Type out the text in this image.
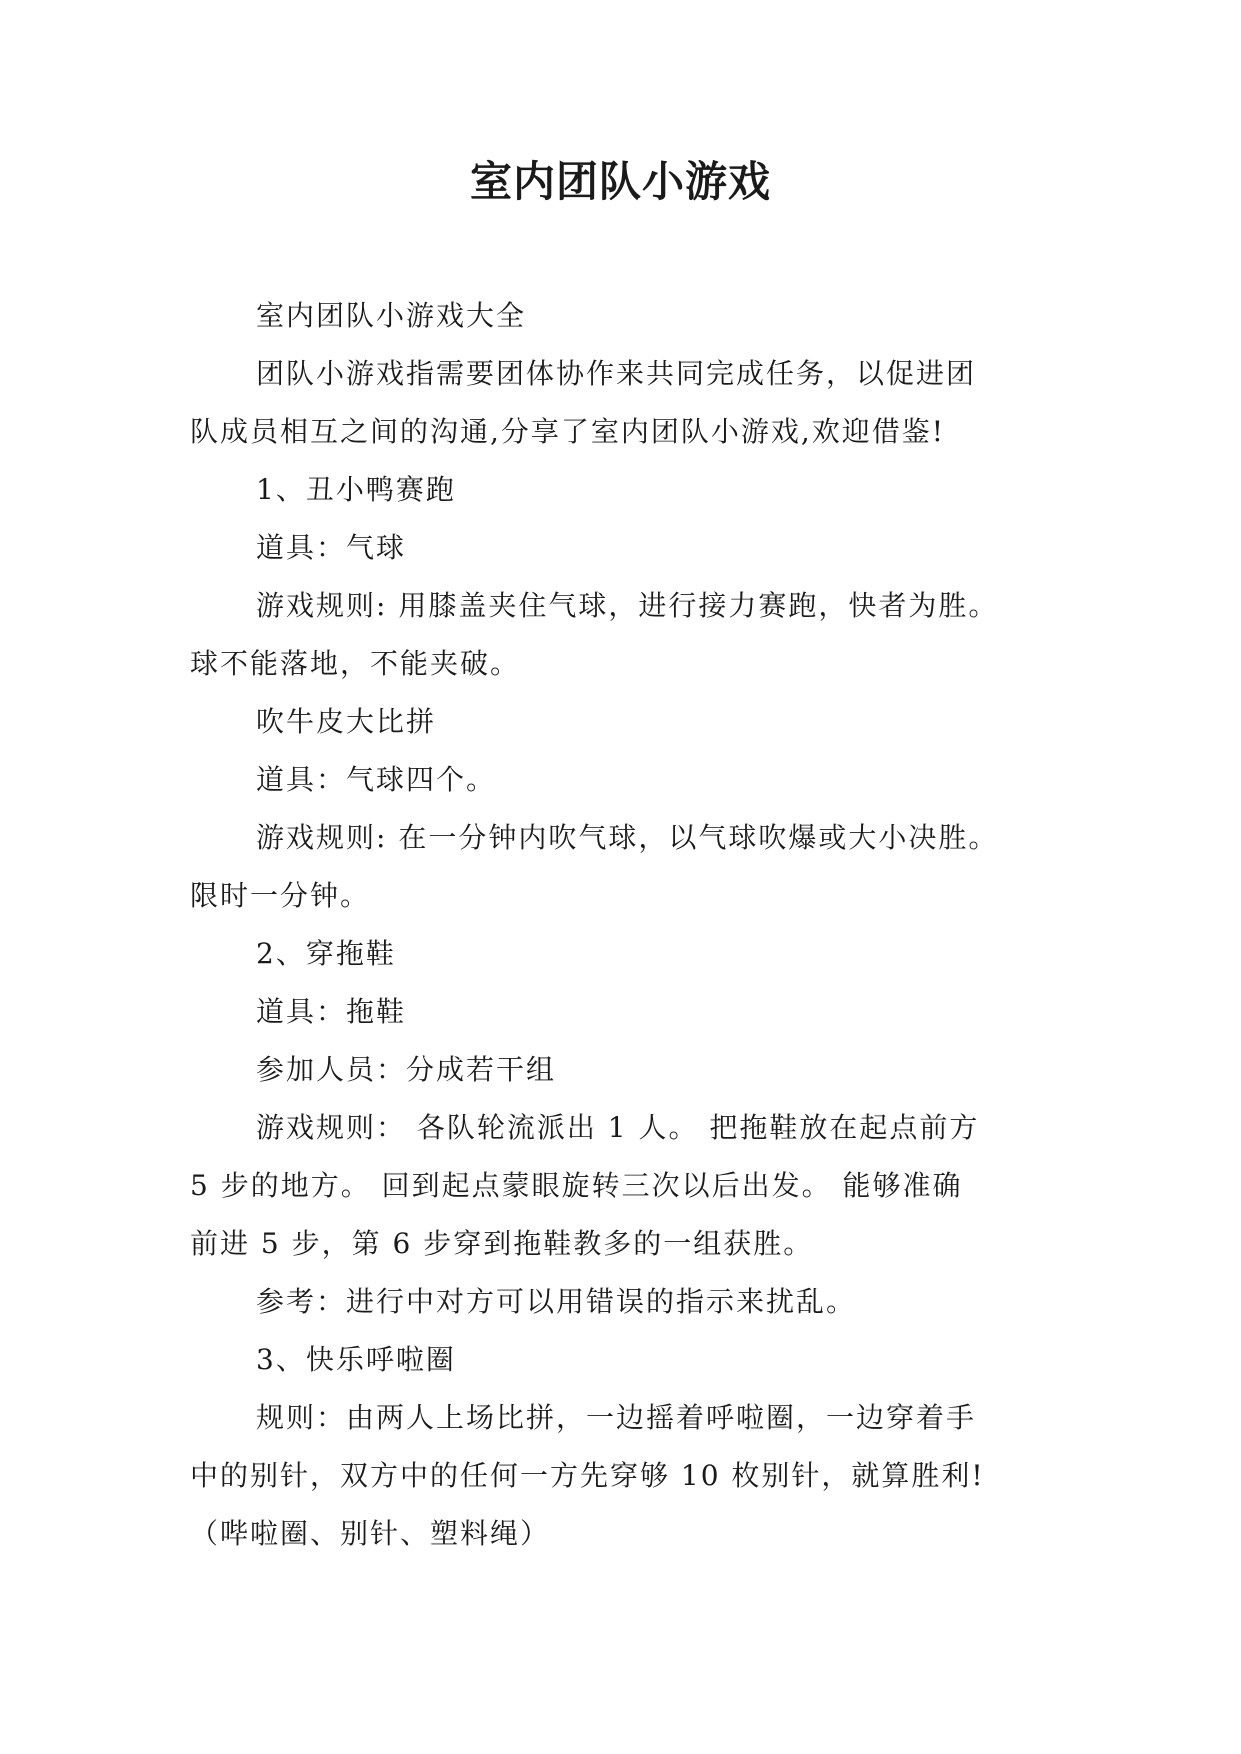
室内团队小游戏
室内团队小游戏大全
团队小游戏指需要团体协作来共同完成任务，以促进团
队成员相互之间的沟通,分享了室内团队小游戏,欢迎借鉴!
1、丑小鸭赛跑
道具：气球
游戏规则: 用膝盖夹住气球，进行接力赛跑，快者为胜。
球不能落地，不能夹破。
吹牛皮大比拼
道具：气球四个。
游戏规则: 在一分钟内吹气球，以气球吹爆或大小决胜。
限时一分钟。
2、穿拖鞋
道具：拖鞋
参加人员：分成若干组
游戏规则： 各队轮流派出 1 人。 把拖鞋放在起点前方
5 步的地方。 回到起点蒙眼旋转三次以后出发。 能够准确
前进 5 步，第 6 步穿到拖鞋教多的一组获胜。
参考：进行中对方可以用错误的指示来扰乱。
3、快乐呼啦圈
规则：由两人上场比拼，一边摇着呼啦圈，一边穿着手
中的别针，双方中的任何一方先穿够 10 枚别针，就算胜利!
（哔啦圈、别针、塑料绳）
